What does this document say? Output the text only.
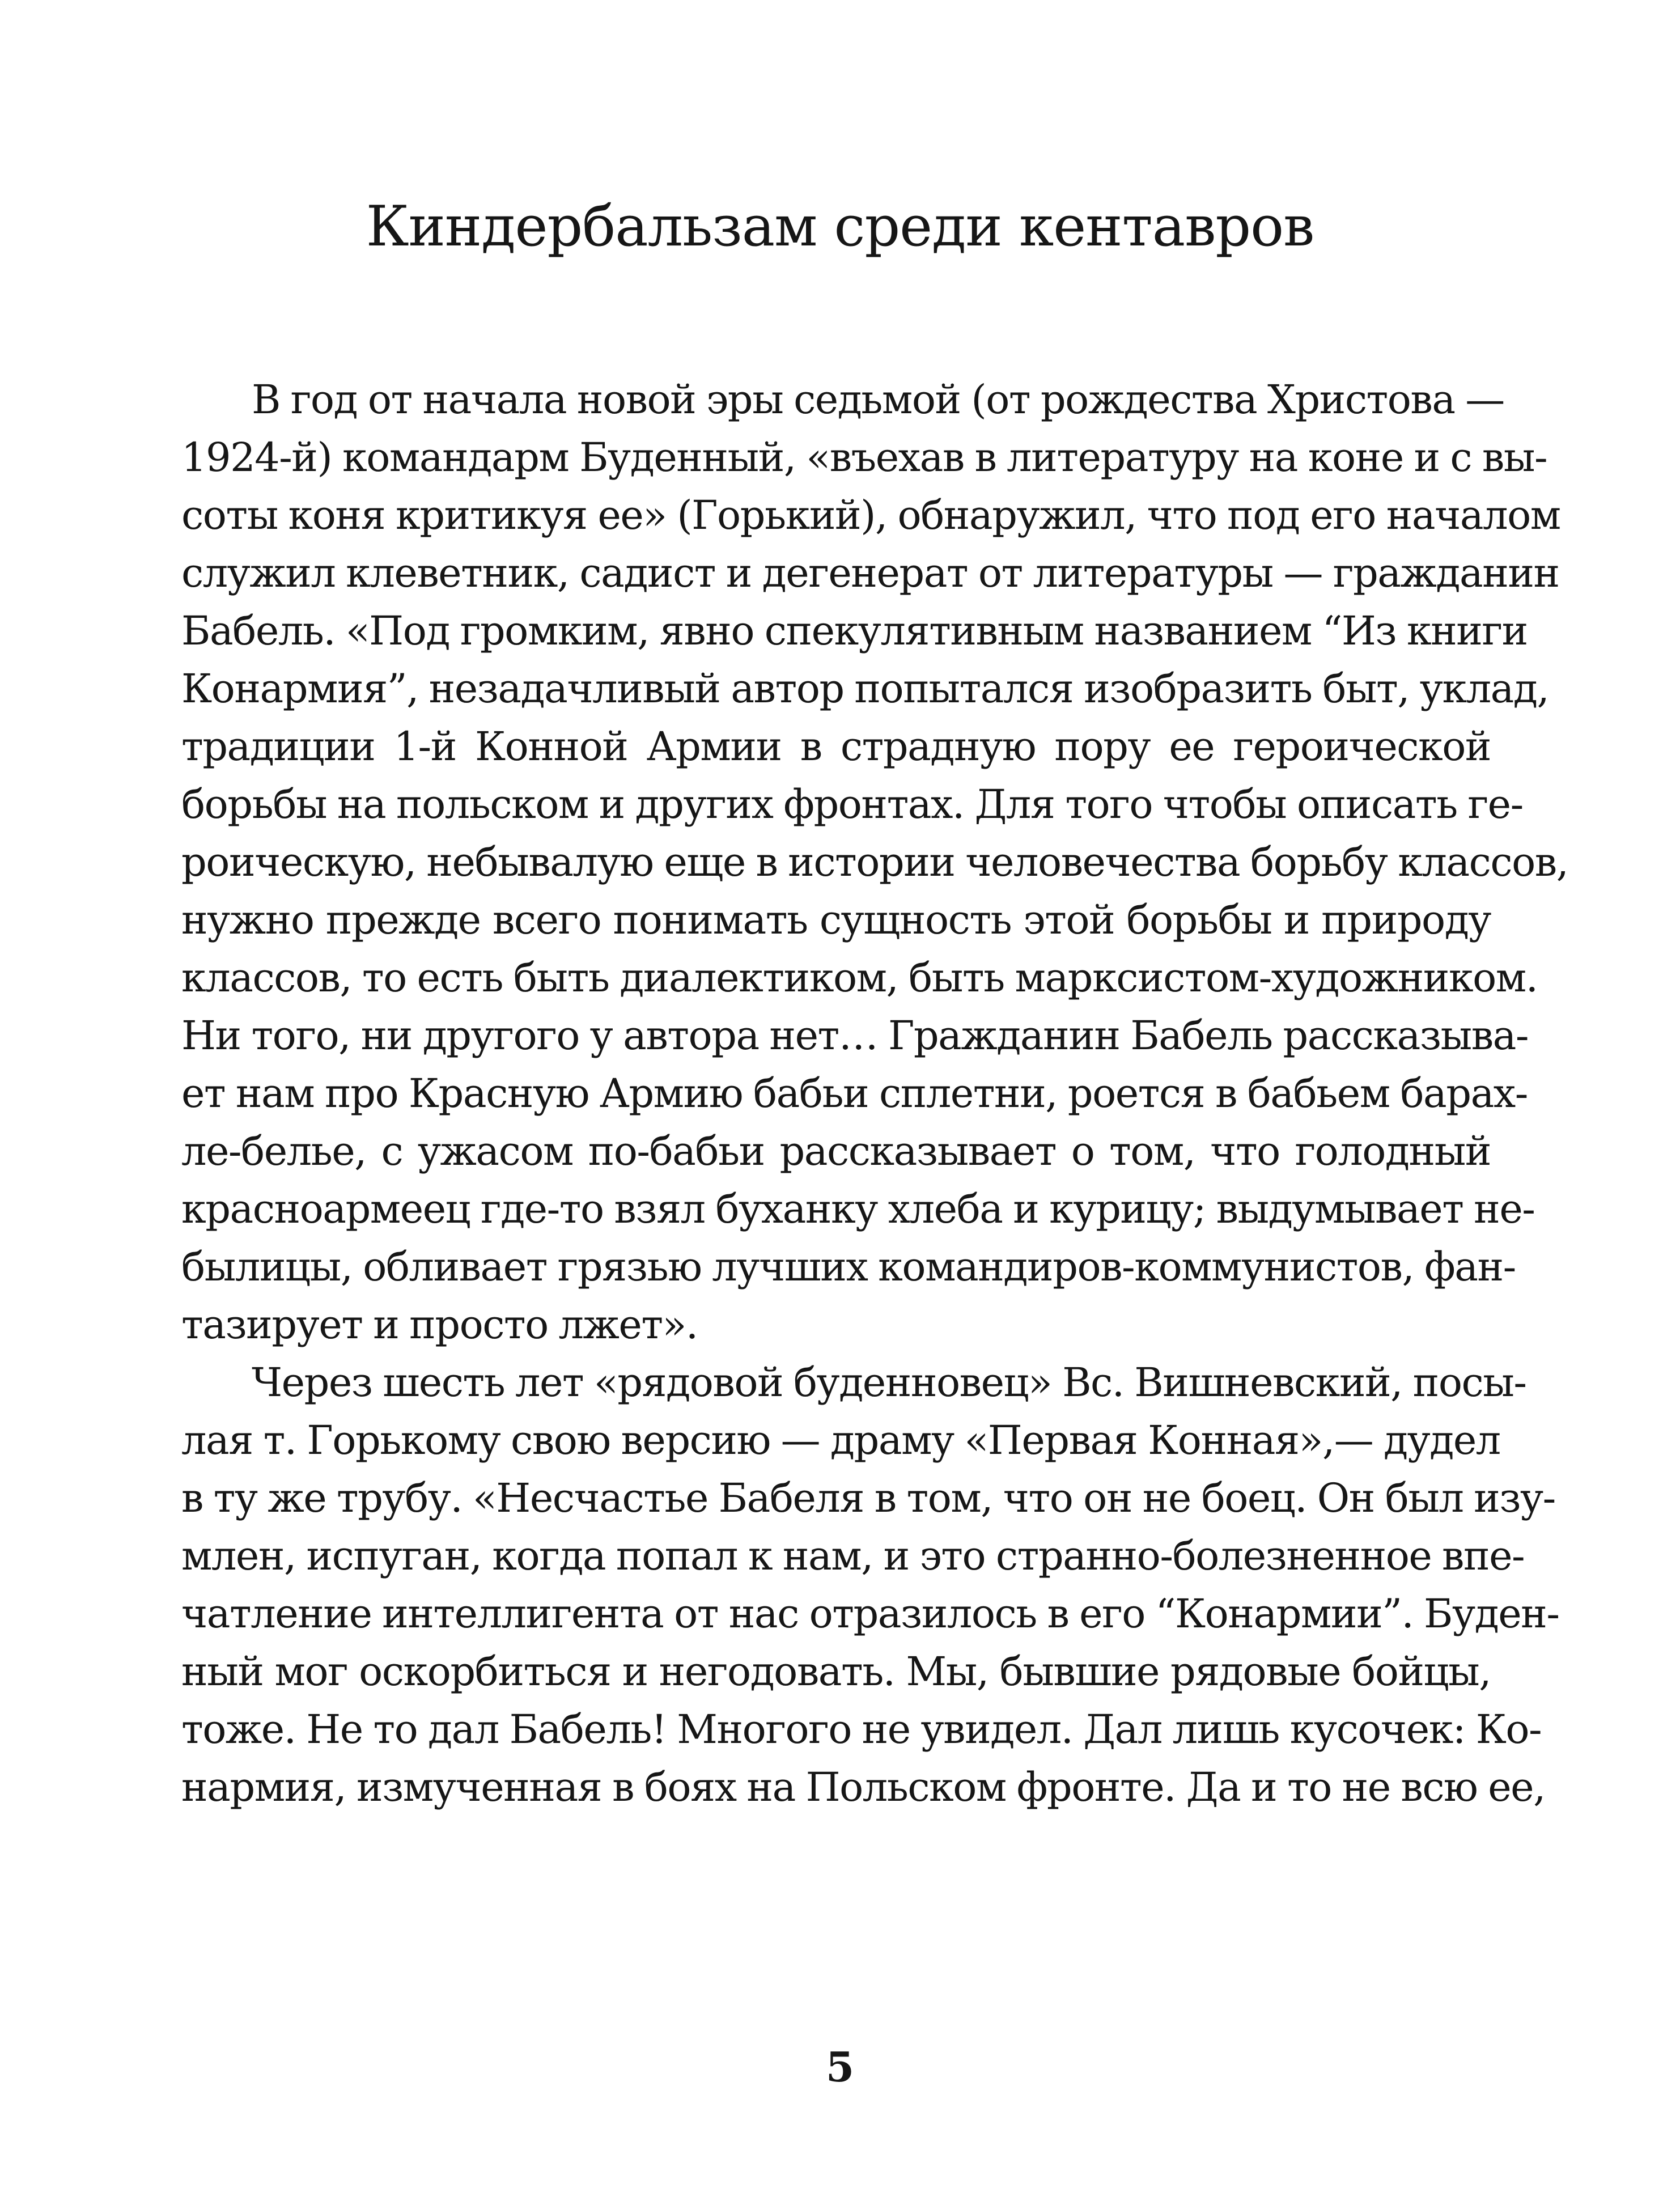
Киндербальзам среди кентавров
В год от начала новой эры седьмой (от рождества Христова —
1924-й) командарм Буденный, «въехав в литературу на коне и с вы-
соты коня критикуя ее» (Горький), обнаружил, что под его началом
служил клеветник, садист и дегенерат от литературы — гражданин
Бабель. «Под громким, явно спекулятивным названием “Из книги
Конармия”, незадачливый автор попытался изобразить быт, уклад,
традиции 1-й Конной Армии в страдную пору ее героической
борьбы на польском и других фронтах. Для того чтобы описать ге-
роическую, небывалую еще в истории человечества борьбу классов,
нужно прежде всего понимать сущность этой борьбы и природу
классов, то есть быть диалектиком, быть марксистом-художником.
Ни того, ни другого у автора нет… Гражданин Бабель рассказыва-
ет нам про Красную Армию бабьи сплетни, роется в бабьем барах-
ле-белье, с ужасом по-бабьи рассказывает о том, что голодный
красноармеец где-то взял буханку хлеба и курицу; выдумывает не-
былицы, обливает грязью лучших командиров-коммунистов, фан-
тазирует и просто лжет».
Через шесть лет «рядовой буденновец» Вс. Вишневский, посы-
лая т. Горькому свою версию — драму «Первая Конная»,— дудел
в ту же трубу. «Несчастье Бабеля в том, что он не боец. Он был изу-
млен, испуган, когда попал к нам, и это странно-болезненное впе-
чатление интеллигента от нас отразилось в его “Конармии”. Буден-
ный мог оскорбиться и негодовать. Мы, бывшие рядовые бойцы,
тоже. Не то дал Бабель! Многого не увидел. Дал лишь кусочек: Ко-
нармия, измученная в боях на Польском фронте. Да и то не всю ее,
5
